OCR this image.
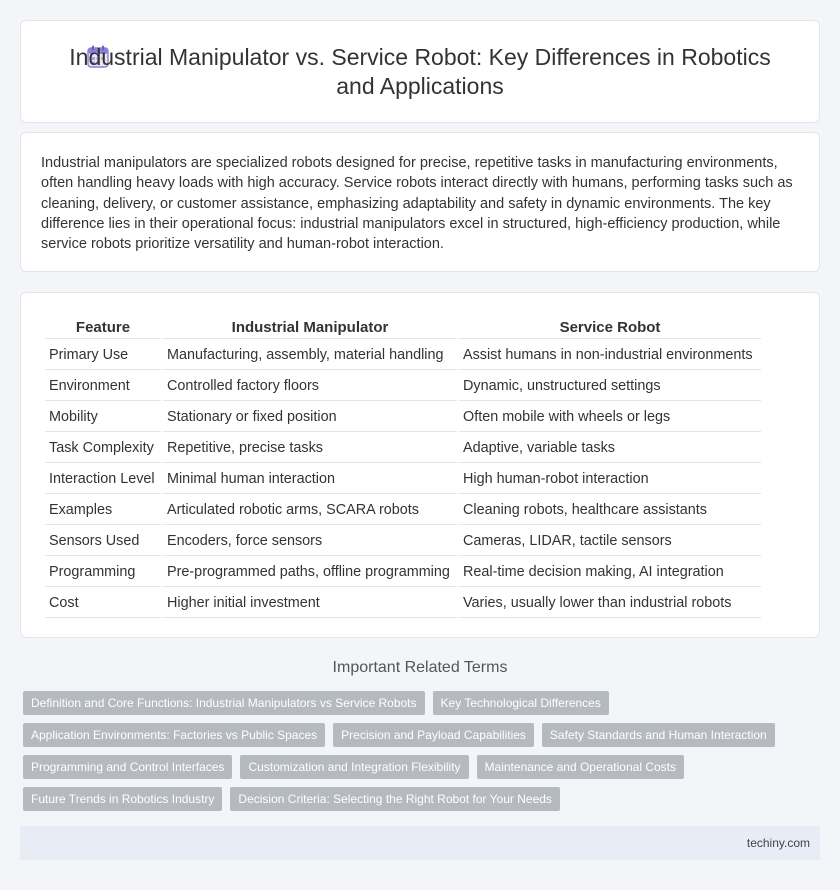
Industrial Manipulator vs. Service Robot: Key Differences in Robotics and Applications

Industrial manipulators are specialized robots designed for precise, repetitive tasks in manufacturing environments, often handling heavy loads with high accuracy. Service robots interact directly with humans, performing tasks such as cleaning, delivery, or customer assistance, emphasizing adaptability and safety in dynamic environments. The key difference lies in their operational focus: industrial manipulators excel in structured, high-efficiency production, while service robots prioritize versatility and human-robot interaction.

Feature	Industrial Manipulator	Service Robot
Primary Use	Manufacturing, assembly, material handling	Assist humans in non-industrial environments
Environment	Controlled factory floors	Dynamic, unstructured settings
Mobility	Stationary or fixed position	Often mobile with wheels or legs
Task Complexity	Repetitive, precise tasks	Adaptive, variable tasks
Interaction Level	Minimal human interaction	High human-robot interaction
Examples	Articulated robotic arms, SCARA robots	Cleaning robots, healthcare assistants
Sensors Used	Encoders, force sensors	Cameras, LIDAR, tactile sensors
Programming	Pre-programmed paths, offline programming	Real-time decision making, AI integration
Cost	Higher initial investment	Varies, usually lower than industrial robots
Important Related Terms
Definition and Core Functions: Industrial Manipulators vs Service Robots	Key Technological Differences
Application Environments: Factories vs Public Spaces	Precision and Payload Capabilities	Safety Standards and Human Interaction
Programming and Control Interfaces	Customization and Integration Flexibility	Maintenance and Operational Costs
Future Trends in Robotics Industry	Decision Criteria: Selecting the Right Robot for Your Needs
techiny.com
